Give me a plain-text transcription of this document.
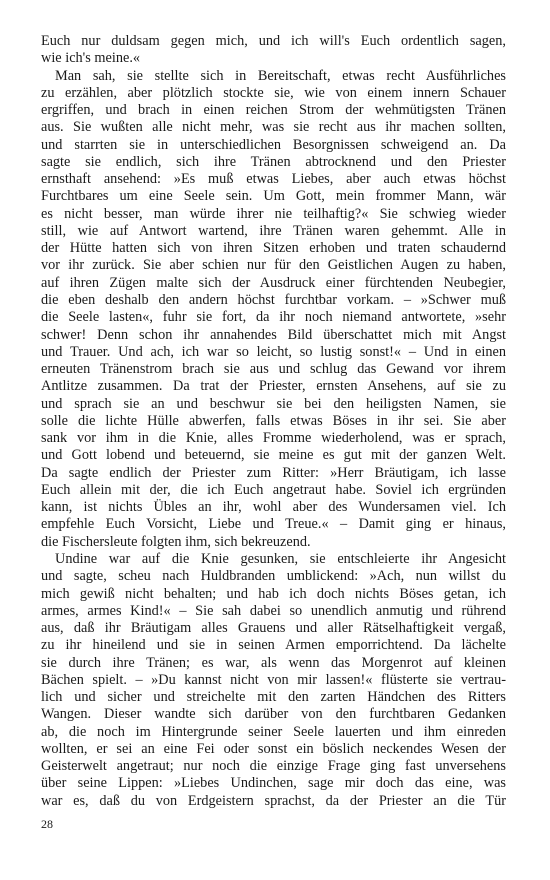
Euch nur duldsam gegen mich, und ich will's Euch ordentlich sagen,
wie ich's meine.«
Man sah, sie stellte sich in Bereitschaft, etwas recht Ausführliches
zu erzählen, aber plötzlich stockte sie, wie von einem innern Schauer
ergriffen, und brach in einen reichen Strom der wehmütigsten Tränen
aus. Sie wußten alle nicht mehr, was sie recht aus ihr machen sollten,
und starrten sie in unterschiedlichen Besorgnissen schweigend an. Da
sagte sie endlich, sich ihre Tränen abtrocknend und den Priester
ernsthaft ansehend: »Es muß etwas Liebes, aber auch etwas höchst
Furchtbares um eine Seele sein. Um Gott, mein frommer Mann, wär
es nicht besser, man würde ihrer nie teilhaftig?« Sie schwieg wieder
still, wie auf Antwort wartend, ihre Tränen waren gehemmt. Alle in
der Hütte hatten sich von ihren Sitzen erhoben und traten schaudernd
vor ihr zurück. Sie aber schien nur für den Geistlichen Augen zu haben,
auf ihren Zügen malte sich der Ausdruck einer fürchtenden Neubegier,
die eben deshalb den andern höchst furchtbar vorkam. – »Schwer muß
die Seele lasten«, fuhr sie fort, da ihr noch niemand antwortete, »sehr
schwer! Denn schon ihr annahendes Bild überschattet mich mit Angst
und Trauer. Und ach, ich war so leicht, so lustig sonst!« – Und in einen
erneuten Tränenstrom brach sie aus und schlug das Gewand vor ihrem
Antlitze zusammen. Da trat der Priester, ernsten Ansehens, auf sie zu
und sprach sie an und beschwur sie bei den heiligsten Namen, sie
solle die lichte Hülle abwerfen, falls etwas Böses in ihr sei. Sie aber
sank vor ihm in die Knie, alles Fromme wiederholend, was er sprach,
und Gott lobend und beteuernd, sie meine es gut mit der ganzen Welt.
Da sagte endlich der Priester zum Ritter: »Herr Bräutigam, ich lasse
Euch allein mit der, die ich Euch angetraut habe. Soviel ich ergründen
kann, ist nichts Übles an ihr, wohl aber des Wundersamen viel. Ich
empfehle Euch Vorsicht, Liebe und Treue.« – Damit ging er hinaus,
die Fischersleute folgten ihm, sich bekreuzend.
Undine war auf die Knie gesunken, sie entschleierte ihr Angesicht
und sagte, scheu nach Huldbranden umblickend: »Ach, nun willst du
mich gewiß nicht behalten; und hab ich doch nichts Böses getan, ich
armes, armes Kind!« – Sie sah dabei so unendlich anmutig und rührend
aus, daß ihr Bräutigam alles Grauens und aller Rätselhaftigkeit vergaß,
zu ihr hineilend und sie in seinen Armen emporrichtend. Da lächelte
sie durch ihre Tränen; es war, als wenn das Morgenrot auf kleinen
Bächen spielt. – »Du kannst nicht von mir lassen!« flüsterte sie vertrau-
lich und sicher und streichelte mit den zarten Händchen des Ritters
Wangen. Dieser wandte sich darüber von den furchtbaren Gedanken
ab, die noch im Hintergrunde seiner Seele lauerten und ihm einreden
wollten, er sei an eine Fei oder sonst ein böslich neckendes Wesen der
Geisterwelt angetraut; nur noch die einzige Frage ging fast unversehens
über seine Lippen: »Liebes Undinchen, sage mir doch das eine, was
war es, daß du von Erdgeistern sprachst, da der Priester an die Tür
28
